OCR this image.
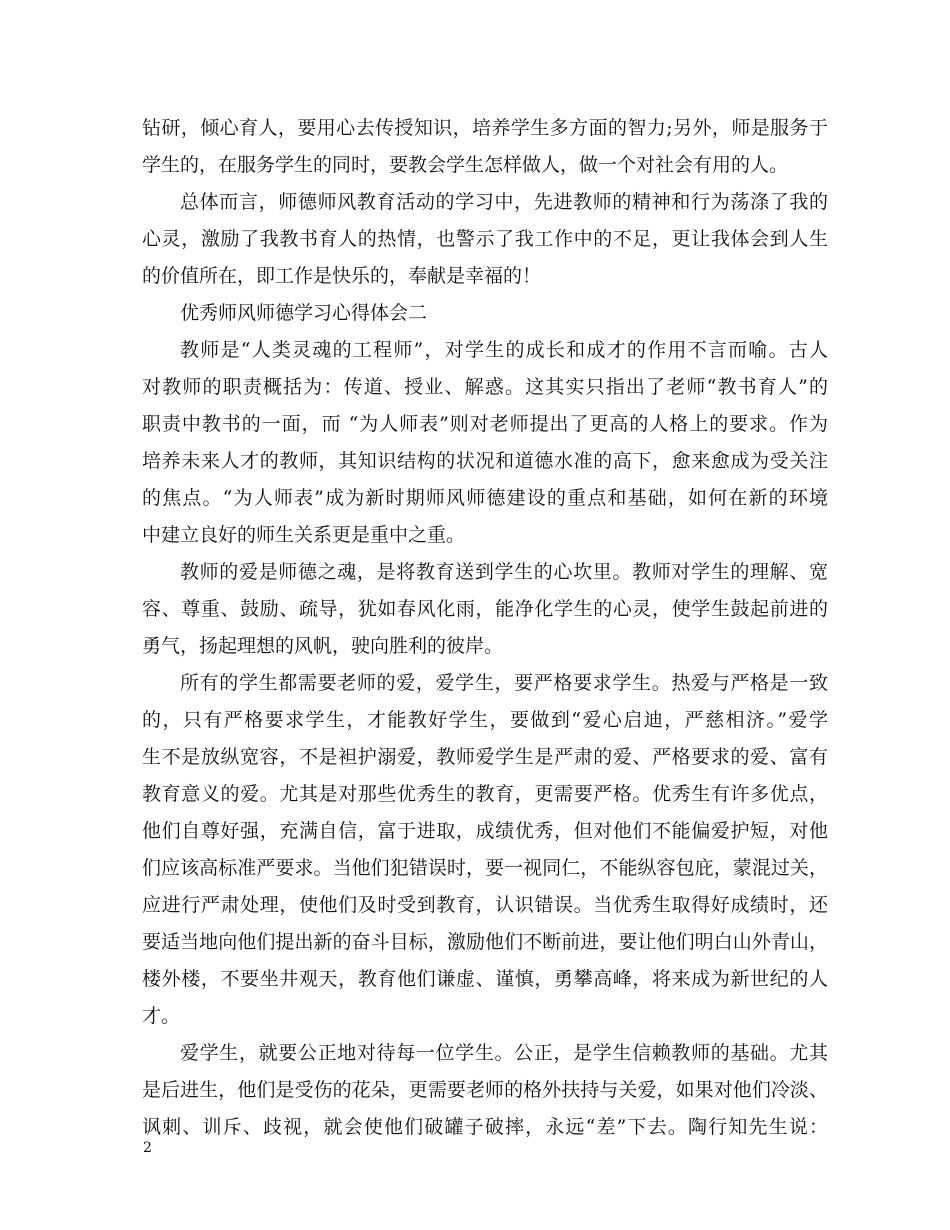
钻研，倾心育人，要用心去传授知识，培养学生多方面的智力;另外，师是服务于
学生的，在服务学生的同时，要教会学生怎样做人，做一个对社会有用的人。
总体而言，师德师风教育活动的学习中，先进教师的精神和行为荡涤了我的
心灵，激励了我教书育人的热情，也警示了我工作中的不足，更让我体会到人生
的价值所在，即工作是快乐的，奉献是幸福的！
优秀师风师德学习心得体会二
教师是“人类灵魂的工程师”，对学生的成长和成才的作用不言而喻。古人
对教师的职责概括为：传道、授业、解惑。这其实只指出了老师“教书育人”的
职责中教书的一面，而 “为人师表”则对老师提出了更高的人格上的要求。作为
培养未来人才的教师，其知识结构的状况和道德水准的高下，愈来愈成为受关注
的焦点。“为人师表”成为新时期师风师德建设的重点和基础，如何在新的环境
中建立良好的师生关系更是重中之重。
教师的爱是师德之魂，是将教育送到学生的心坎里。教师对学生的理解、宽
容、尊重、鼓励、疏导，犹如春风化雨，能净化学生的心灵，使学生鼓起前进的
勇气，扬起理想的风帆，驶向胜利的彼岸。
所有的学生都需要老师的爱，爱学生，要严格要求学生。热爱与严格是一致
的，只有严格要求学生，才能教好学生，要做到“爱心启迪，严慈相济。”爱学
生不是放纵宽容，不是袒护溺爱，教师爱学生是严肃的爱、严格要求的爱、富有
教育意义的爱。尤其是对那些优秀生的教育，更需要严格。优秀生有许多优点，
他们自尊好强，充满自信，富于进取，成绩优秀，但对他们不能偏爱护短，对他
们应该高标准严要求。当他们犯错误时，要一视同仁，不能纵容包庇，蒙混过关，
应进行严肃处理，使他们及时受到教育，认识错误。当优秀生取得好成绩时，还
要适当地向他们提出新的奋斗目标，激励他们不断前进，要让他们明白山外青山，
楼外楼，不要坐井观天，教育他们谦虚、谨慎，勇攀高峰，将来成为新世纪的人
才。
爱学生，就要公正地对待每一位学生。公正，是学生信赖教师的基础。尤其
是后进生，他们是受伤的花朵，更需要老师的格外扶持与关爱，如果对他们冷淡、
讽刺、训斥、歧视，就会使他们破罐子破摔，永远“差”下去。陶行知先生说：
2
